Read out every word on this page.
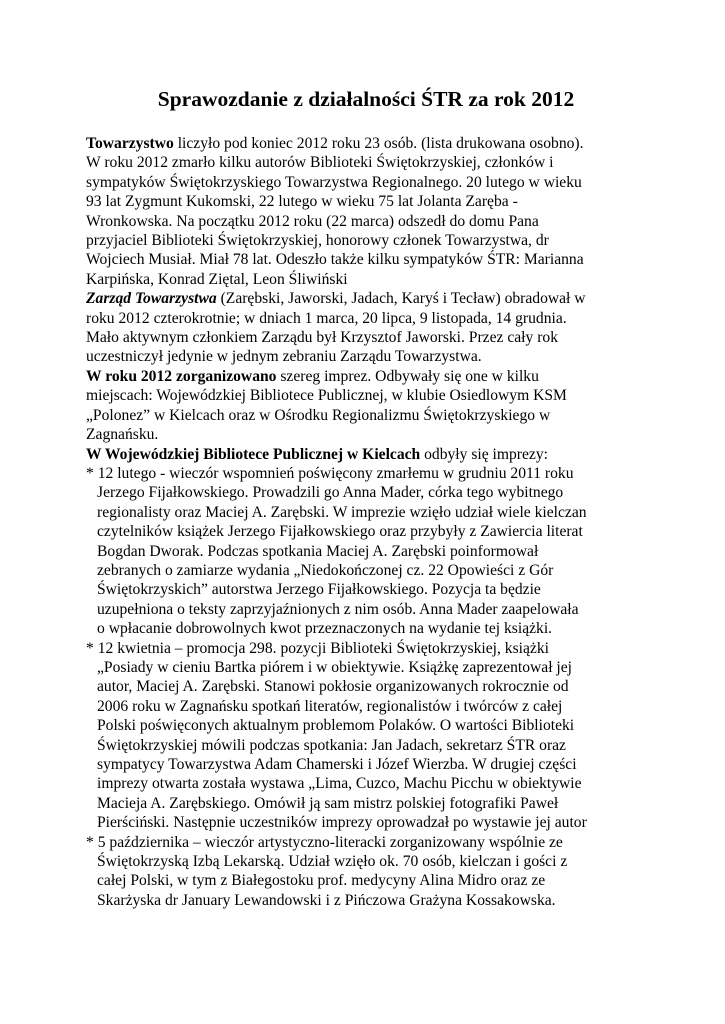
Sprawozdanie z działalności ŚTR za rok 2012
Towarzystwo liczyło pod koniec 2012 roku 23 osób. (lista drukowana osobno).
W roku 2012 zmarło kilku autorów Biblioteki Świętokrzyskiej, członków i
sympatyków Świętokrzyskiego Towarzystwa Regionalnego. 20 lutego w wieku
93 lat Zygmunt Kukomski, 22 lutego w wieku 75 lat Jolanta Zaręba -
Wronkowska. Na początku 2012 roku (22 marca) odszedł do domu Pana
przyjaciel Biblioteki Świętokrzyskiej, honorowy członek Towarzystwa, dr
Wojciech Musiał. Miał 78 lat. Odeszło także kilku sympatyków ŚTR: Marianna
Karpińska, Konrad Ziętal, Leon Śliwiński
Zarząd Towarzystwa (Zarębski, Jaworski, Jadach, Karyś i Tecław) obradował w
roku 2012 czterokrotnie; w dniach 1 marca, 20 lipca, 9 listopada, 14 grudnia.
Mało aktywnym członkiem Zarządu był Krzysztof Jaworski. Przez cały rok
uczestniczył jedynie w jednym zebraniu Zarządu Towarzystwa.
W roku 2012 zorganizowano szereg imprez. Odbywały się one w kilku
miejscach: Wojewódzkiej Bibliotece Publicznej, w klubie Osiedlowym KSM
„Polonez” w Kielcach oraz w Ośrodku Regionalizmu Świętokrzyskiego w
Zagnańsku.
W Wojewódzkiej Bibliotece Publicznej w Kielcach odbyły się imprezy:
* 12 lutego - wieczór wspomnień poświęcony zmarłemu w grudniu 2011 roku
Jerzego Fijałkowskiego. Prowadzili go Anna Mader, córka tego wybitnego
regionalisty oraz Maciej A. Zarębski. W imprezie wzięło udział wiele kielczan
czytelników książek Jerzego Fijałkowskiego oraz przybyły z Zawiercia literat
Bogdan Dworak. Podczas spotkania Maciej A. Zarębski poinformował
zebranych o zamiarze wydania „Niedokończonej cz. 22 Opowieści z Gór
Świętokrzyskich” autorstwa Jerzego Fijałkowskiego. Pozycja ta będzie
uzupełniona o teksty zaprzyjaźnionych z nim osób. Anna Mader zaapelowała
o wpłacanie dobrowolnych kwot przeznaczonych na wydanie tej książki.
* 12 kwietnia – promocja 298. pozycji Biblioteki Świętokrzyskiej, książki
„Posiady w cieniu Bartka piórem i w obiektywie. Książkę zaprezentował jej
autor, Maciej A. Zarębski. Stanowi pokłosie organizowanych rokrocznie od
2006 roku w Zagnańsku spotkań literatów, regionalistów i twórców z całej
Polski poświęconych aktualnym problemom Polaków. O wartości Biblioteki
Świętokrzyskiej mówili podczas spotkania: Jan Jadach, sekretarz ŚTR oraz
sympatycy Towarzystwa Adam Chamerski i Józef Wierzba. W drugiej części
imprezy otwarta została wystawa „Lima, Cuzco, Machu Picchu w obiektywie
Macieja A. Zarębskiego. Omówił ją sam mistrz polskiej fotografiki Paweł
Pierściński. Następnie uczestników imprezy oprowadzał po wystawie jej autor
* 5 października – wieczór artystyczno-literacki zorganizowany wspólnie ze
Świętokrzyską Izbą Lekarską. Udział wzięło ok. 70 osób, kielczan i gości z
całej Polski, w tym z Białegostoku prof. medycyny Alina Midro oraz ze
Skarżyska dr January Lewandowski i z Pińczowa Grażyna Kossakowska.
